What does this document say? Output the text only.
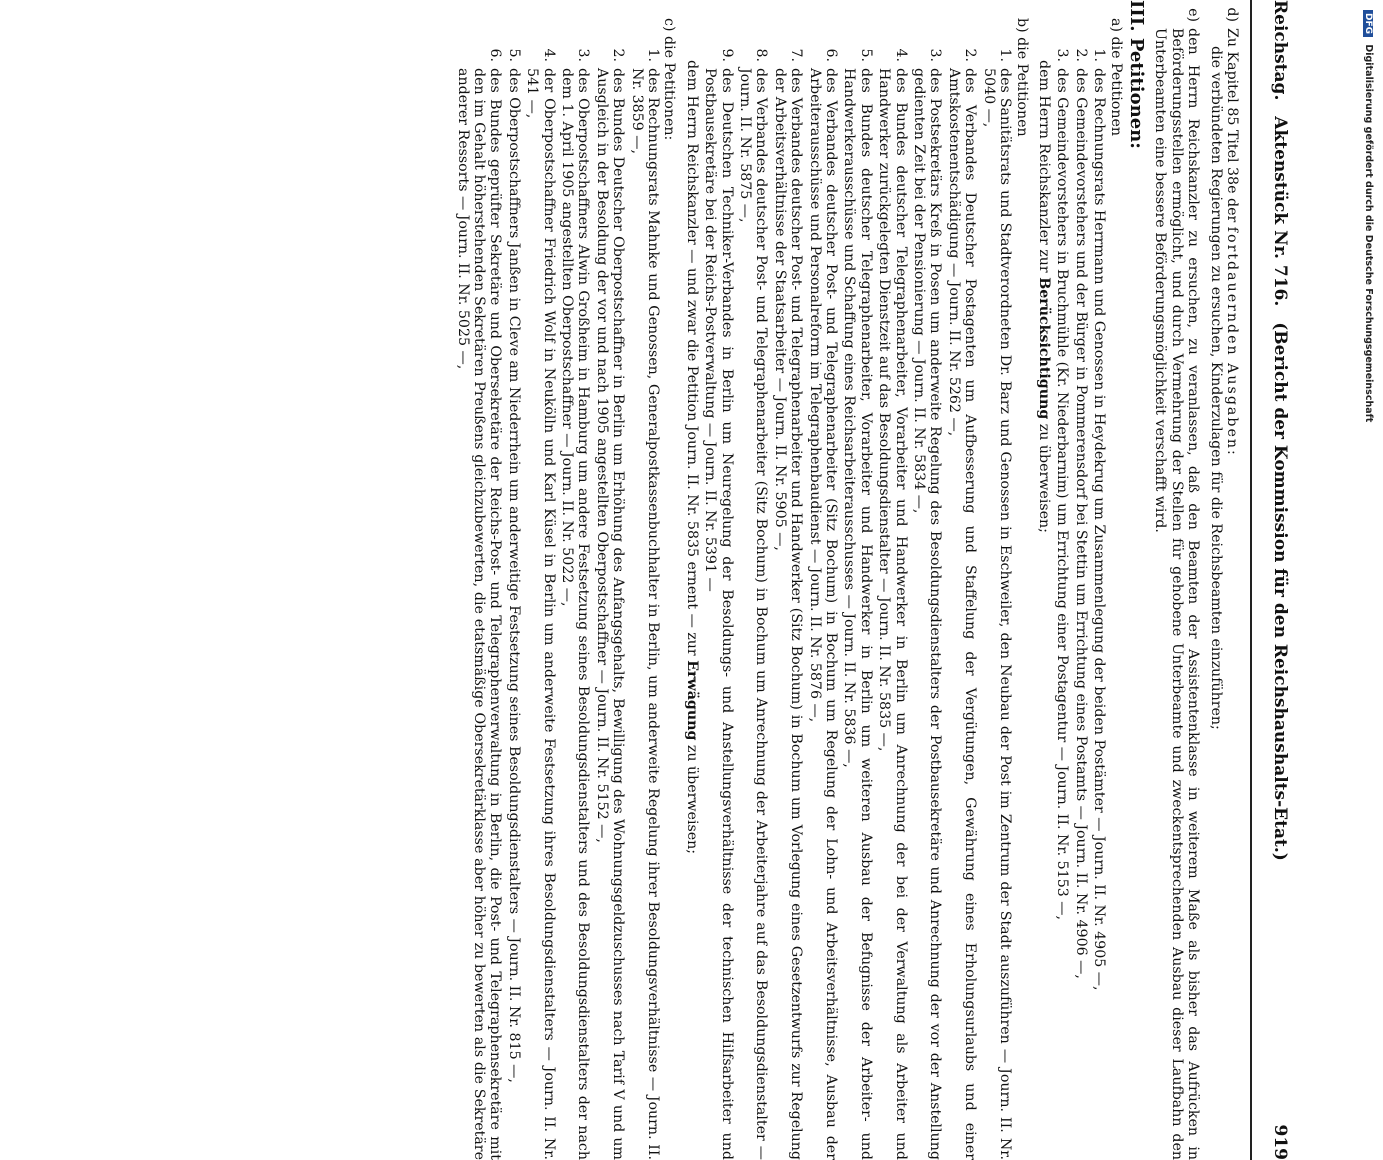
Reichstag. Aktenstück Nr. 716. (Bericht der Kommission für den Reichshaushalts-Etat.)
919
d)
Zu Kapitel 85 Titel 38e der fortdauernden Ausgaben:
die verbündeten Regierungen zu ersuchen, Kinderzulagen für die Reichsbeamten einzuführen;
e)
den Herrn Reichskanzler zu ersuchen, zu veranlassen, daß den Beamten der Assistentenklasse in weiterem Maße als bisher das Aufrücken in Beförderungsstellen ermöglicht, und durch Vermehrung der Stellen für gehobene Unterbeamte und zweckentsprechenden Ausbau dieser Laufbahn den Unterbeamten eine bessere Beförderungsmöglichkeit verschafft wird.
III. Petitionen:
a) die Petitionen
1.
des Rechnungsrats Herrmann und Genossen in Heydekrug um Zusammenlegung der beiden Postämter — Journ. II. Nr. 4905 —,
2.
des Gemeindevorstehers und der Bürger in Pommerensdorf bei Stettin um Errichtung eines Postamts — Journ. II. Nr. 4906 —,
3.
des Gemeindevorstehers in Bruchmühle (Kr. Niederbarnim) um Errichtung einer Postagentur — Journ. II. Nr. 5153 —,
dem Herrn Reichskanzler zur Berücksichtigung zu überweisen;
b) die Petitionen
1.
des Sanitätsrats und Stadtverordneten Dr. Barz und Genossen in Eschweiler, den Neubau der Post im Zentrum der Stadt auszuführen — Journ. II. Nr. 5040 —,
2.
des Verbandes Deutscher Postagenten um Aufbesserung und Staffelung der Vergütungen, Gewährung eines Erholungsurlaubs und einer Amtskostenentschädigung — Journ. II. Nr. 5262 —,
3.
des Postsekretärs Kreß in Posen um anderweite Regelung des Besoldungsdienstalters der Postbausekretäre und Anrechnung der vor der Anstellung gedienten Zeit bei der Pensionierung — Journ. II. Nr. 5834 —,
4.
des Bundes deutscher Telegraphenarbeiter, Vorarbeiter und Handwerker in Berlin um Anrechnung der bei der Verwaltung als Arbeiter und Handwerker zurückgelegten Dienstzeit auf das Besoldungsdienstalter — Journ. II. Nr. 5835 —,
5.
des Bundes deutscher Telegraphenarbeiter, Vorarbeiter und Handwerker in Berlin um weiteren Ausbau der Befugnisse der Arbeiter- und Handwerkerausschüsse und Schaffung eines Reichsarbeiterausschusses — Journ. II. Nr. 5836 —,
6.
des Verbandes deutscher Post- und Telegraphenarbeiter (Sitz Bochum) in Bochum um Regelung der Lohn- und Arbeitsverhältnisse, Ausbau der Arbeiterausschüsse und Personalreform im Telegraphenbaudienst — Journ. II. Nr. 5876 —,
7.
des Verbandes deutscher Post- und Telegraphenarbeiter und Handwerker (Sitz Bochum) in Bochum um Vorlegung eines Gesetzentwurfs zur Regelung der Arbeitsverhältnisse der Staatsarbeiter — Journ. II. Nr. 5905 —,
8.
des Verbandes deutscher Post- und Telegraphenarbeiter (Sitz Bochum) in Bochum um Anrechnung der Arbeiterjahre auf das Besoldungsdienstalter — Journ. II. Nr. 5875 —,
9.
des Deutschen Techniker-Verbandes in Berlin um Neuregelung der Besoldungs- und Anstellungsverhältnisse der technischen Hilfsarbeiter und Postbausekretäre bei der Reichs-Postverwaltung — Journ. II. Nr. 5391 —
dem Herrn Reichskanzler — und zwar die Petition Journ. II. Nr. 5835 ernent — zur Erwägung zu überweisen;
c) die Petitionen:
1.
des Rechnungsrats Mahnke und Genossen, Generalpostkassenbuchhalter in Berlin, um anderweite Regelung ihrer Besoldungsverhältnisse — Journ. II. Nr. 3859 —,
2.
des Bundes Deutscher Oberpostschaffner in Berlin um Erhöhung des Anfangsgehalts, Bewilligung des Wohnungsgeldzuschusses nach Tarif V und um Ausgleich in der Besoldung der vor und nach 1905 angestellten Oberpostschaffner — Journ. II. Nr. 5152 —,
3.
des Oberpostschaffners Alwin Großheim in Hamburg um andere Festsetzung seines Besoldungsdienstalters und des Besoldungsdienstalters der nach dem 1. April 1905 angestellten Oberpostschaffner — Journ. II. Nr. 5022 —,
4.
der Oberpostschaffner Friedrich Wolf in Neukölln und Karl Küsel in Berlin um anderweite Festsetzung ihres Besoldungsdienstalters — Journ. II. Nr. 541 —,
5.
des Oberpostschaffners Janßen in Cleve am Niederrhein um anderweitige Festsetzung seines Besoldungsdienstalters — Journ. II. Nr. 815 —,
6.
des Bundes geprüfter Sekretäre und Obersekretäre der Reichs-Post- und Telegraphenverwaltung in Berlin, die Post- und Telegraphensekretäre mit den im Gehalt höherstehenden Sekretären Preußens gleichzubewerten, die etatsmäßige Obersekretärklasse aber höher zu bewerten als die Sekretäre anderer Ressorts — Journ. II. Nr. 5025 —,
DFG Digitalisierung gefördert durch die Deutsche Forschungsgemeinschaft
